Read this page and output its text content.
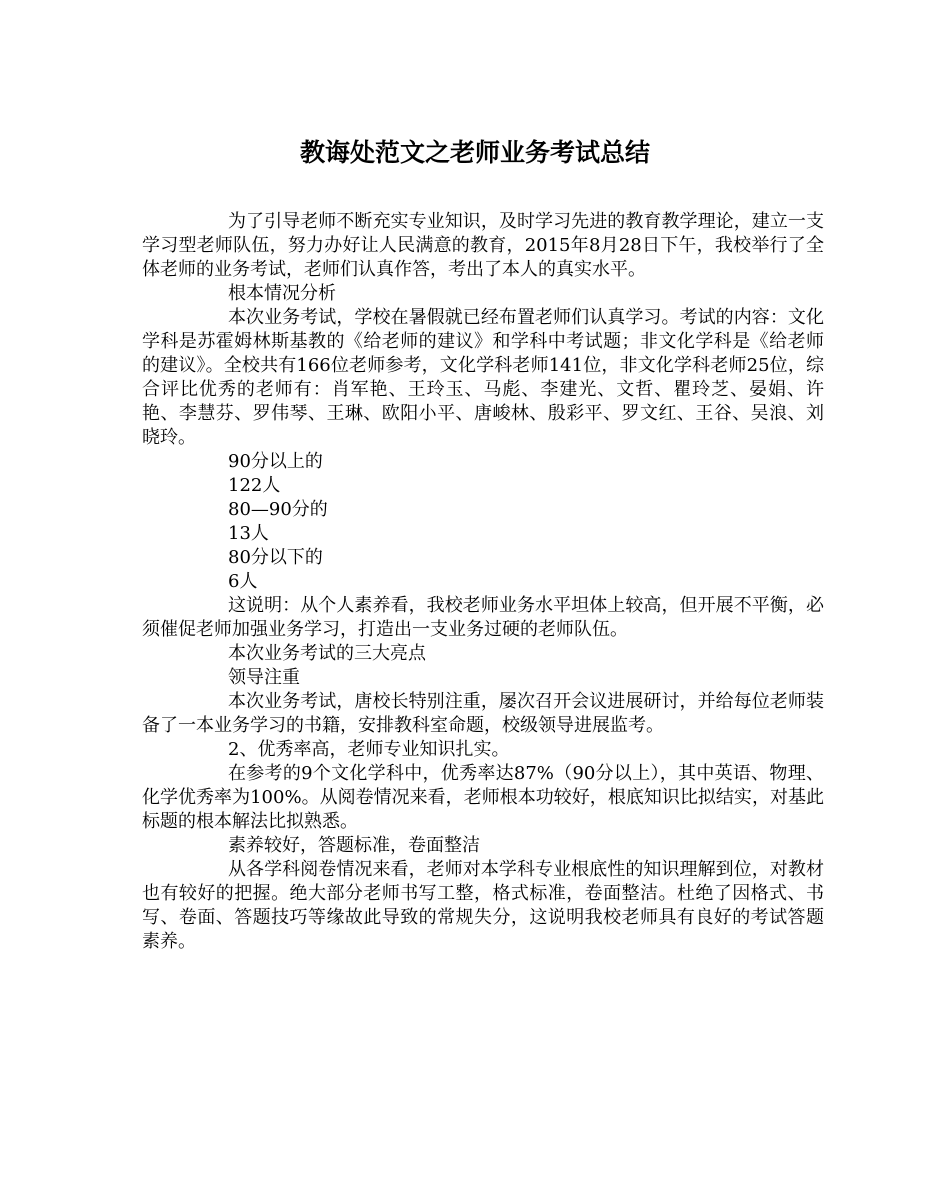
教诲处范文之老师业务考试总结

为了引导老师不断充实专业知识，及时学习先进的教育教学理论，建立一支学习型老师队伍，努力办好让人民满意的教育，2015年8月28日下午，我校举行了全体老师的业务考试，老师们认真作答，考出了本人的真实水平。

根本情况分析

本次业务考试，学校在暑假就已经布置老师们认真学习。考试的内容：文化学科是苏霍姆林斯基教的《给老师的建议》和学科中考试题；非文化学科是《给老师的建议》。全校共有166位老师参考，文化学科老师141位，非文化学科老师25位，综合评比优秀的老师有：肖军艳、王玲玉、马彪、李建光、文哲、瞿玲芝、晏娟、许艳、李慧芬、罗伟琴、王琳、欧阳小平、唐峻林、殷彩平、罗文红、王谷、吴浪、刘晓玲。

90分以上的

122人

80—90分的

13人

80分以下的

6人

这说明：从个人素养看，我校老师业务水平坦体上较高，但开展不平衡，必须催促老师加强业务学习，打造出一支业务过硬的老师队伍。

本次业务考试的三大亮点

领导注重

本次业务考试，唐校长特别注重，屡次召开会议进展研讨，并给每位老师装备了一本业务学习的书籍，安排教科室命题，校级领导进展监考。

2、优秀率高，老师专业知识扎实。

在参考的9个文化学科中，优秀率达87%（90分以上），其中英语、物理、化学优秀率为100%。从阅卷情况来看，老师根本功较好，根底知识比拟结实，对基此标题的根本解法比拟熟悉。

素养较好，答题标准，卷面整洁

从各学科阅卷情况来看，老师对本学科专业根底性的知识理解到位，对教材也有较好的把握。绝大部分老师书写工整，格式标准，卷面整洁。杜绝了因格式、书写、卷面、答题技巧等缘故此导致的常规失分，这说明我校老师具有良好的考试答题素养。
